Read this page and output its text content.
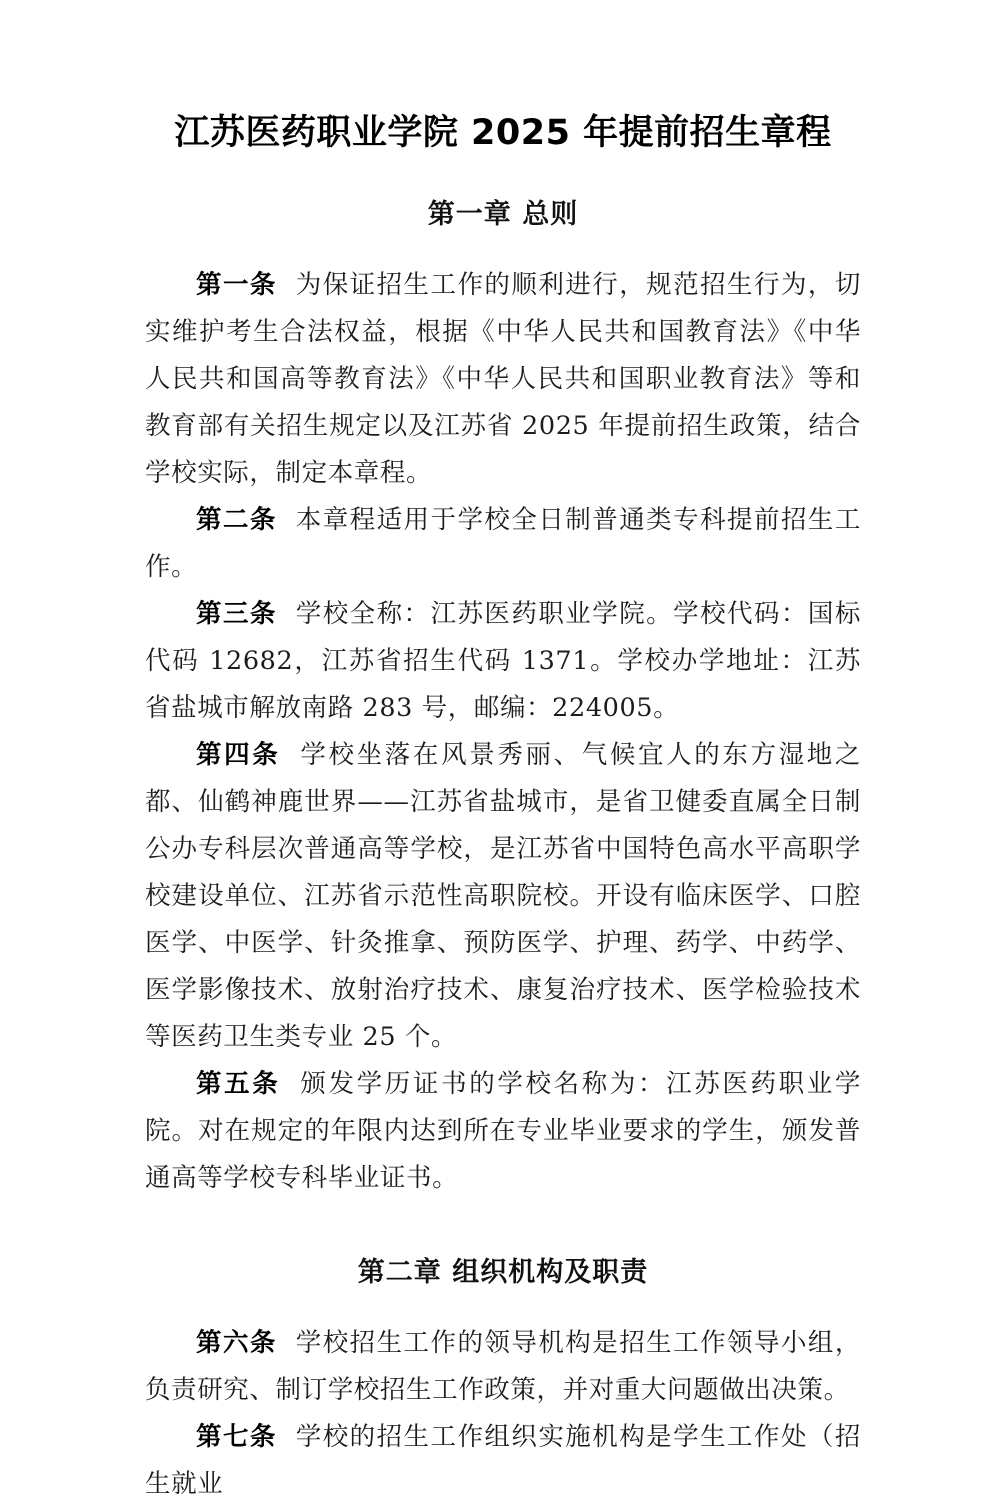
江苏医药职业学院 2025 年提前招生章程
第一章 总则

第一条 为保证招生工作的顺利进行，规范招生行为，切实维护考生合法权益，根据《中华人民共和国教育法》《中华人民共和国高等教育法》《中华人民共和国职业教育法》等和教育部有关招生规定以及江苏省 2025 年提前招生政策，结合学校实际，制定本章程。

第二条 本章程适用于学校全日制普通类专科提前招生工作。

第三条 学校全称：江苏医药职业学院。学校代码：国标代码 12682，江苏省招生代码 1371。学校办学地址：江苏省盐城市解放南路 283 号，邮编：224005。

第四条 学校坐落在风景秀丽、气候宜人的东方湿地之都、仙鹤神鹿世界——江苏省盐城市，是省卫健委直属全日制公办专科层次普通高等学校，是江苏省中国特色高水平高职学校建设单位、江苏省示范性高职院校。开设有临床医学、口腔医学、中医学、针灸推拿、预防医学、护理、药学、中药学、医学影像技术、放射治疗技术、康复治疗技术、医学检验技术等医药卫生类专业 25 个。

第五条 颁发学历证书的学校名称为：江苏医药职业学院。对在规定的年限内达到所在专业毕业要求的学生，颁发普通高等学校专科毕业证书。

第二章 组织机构及职责

第六条 学校招生工作的领导机构是招生工作领导小组，负责研究、制订学校招生工作政策，并对重大问题做出决策。

第七条 学校的招生工作组织实施机构是学生工作处（招生就业
